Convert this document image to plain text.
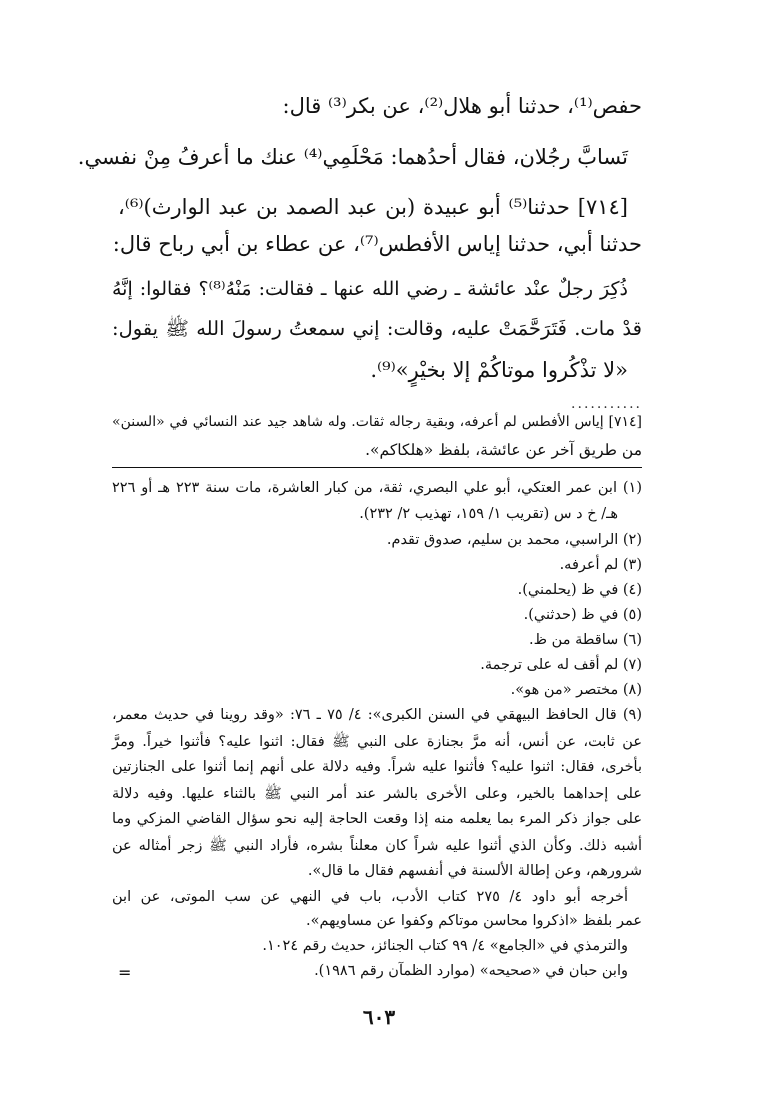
حفص⁽¹⁾، حدثنا أبو هلال⁽²⁾، عن بكر⁽³⁾ قال:
تَسابَّ رجُلان، فقال أحدُهما: مَحْلَمِي⁽⁴⁾ عنك ما أعرفُ مِنْ نفسي.
[٧١٤] حدثنا⁽⁵⁾ أبو عبيدة (بن عبد الصمد بن عبد الوارث)⁽⁶⁾،
حدثنا أبي، حدثنا إياس الأفطس⁽⁷⁾، عن عطاء بن أبي رباح قال:
ذُكِرَ رجلٌ عنْد عائشة ـ رضي الله عنها ـ فقالت: مَنْهُ⁽⁸⁾؟ فقالوا: إنَّهُ
قدْ مات. فَتَرَحَّمَتْ عليه، وقالت: إني سمعتُ رسولَ الله ﷺ يقول:
«لا تذْكُروا موتاكُمْ إلا بخيْرٍ»⁽⁹⁾.
...........
[٧١٤] إياس الأفطس لم أعرفه، وبقية رجاله ثقات. وله شاهد جيد عند النسائي في «السنن»
من طريق آخر عن عائشة، بلفظ «هلكاكم».
(١) ابن عمر العتكي، أبو علي البصري، ثقة، من كبار العاشرة، مات سنة ٢٢٣ هـ أو ٢٢٦
هـ/ خ د س (تقريب ١/ ١٥٩، تهذيب ٢/ ٢٣٢).
(٢) الراسبي، محمد بن سليم، صدوق تقدم.
(٣) لم أعرفه.
(٤) في ظ (يحلمني).
(٥) في ظ (حدثني).
(٦) ساقطة من ظ.
(٧) لم أقف له على ترجمة.
(٨) مختصر «من هو».
(٩) قال الحافظ البيهقي في السنن الكبرى»: ٤/ ٧٥ ـ ٧٦: «وقد روينا في حديث معمر،
عن ثابت، عن أنس، أنه مرَّ بجنازة على النبي ﷺ فقال: اثنوا عليه؟ فأثنوا خيراً. ومرَّ
بأخرى، فقال: اثنوا عليه؟ فأثنوا عليه شراً. وفيه دلالة على أنهم إنما أثنوا على الجنازتين
على إحداهما بالخير، وعلى الأخرى بالشر عند أمر النبي ﷺ بالثناء عليها. وفيه دلالة
على جواز ذكر المرء بما يعلمه منه إذا وقعت الحاجة إليه نحو سؤال القاضي المزكي وما
أشبه ذلك. وكأن الذي أثنوا عليه شراً كان معلناً بشره، فأراد النبي ﷺ زجر أمثاله عن
شرورهم، وعن إطالة الألسنة في أنفسهم فقال ما قال».
أخرجه أبو داود ٤/ ٢٧٥ كتاب الأدب، باب في النهي عن سب الموتى، عن ابن
عمر بلفظ «اذكروا محاسن موتاكم وكفوا عن مساويهم».
والترمذي في «الجامع» ٤/ ٩٩ كتاب الجنائز، حديث رقم ١٠٢٤.
وابن حبان في «صحيحه» (موارد الظمآن رقم ١٩٨٦).
=
٦٠٣
